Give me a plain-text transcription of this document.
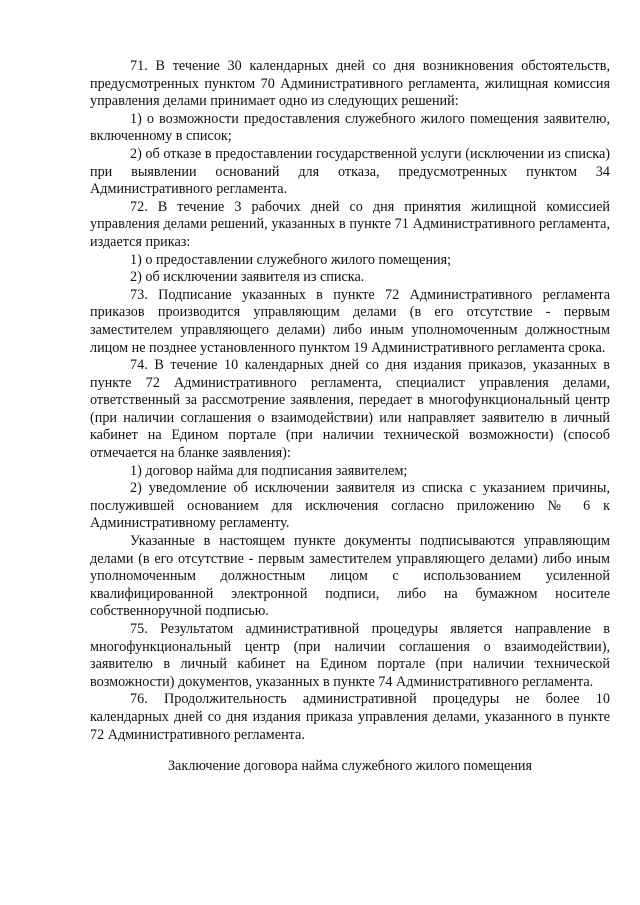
71. В течение 30 календарных дней со дня возникновения обстоятельств, предусмотренных пунктом 70 Административного регламента, жилищная комиссия управления делами принимает одно из следующих решений:

1) о возможности предоставления служебного жилого помещения заявителю, включенному в список;

2) об отказе в предоставлении государственной услуги (исключении из списка) при выявлении оснований для отказа, предусмотренных пунктом 34 Административного регламента.

72. В течение 3 рабочих дней со дня принятия жилищной комиссией управления делами решений, указанных в пункте 71 Административного регламента, издается приказ:

1) о предоставлении служебного жилого помещения;

2) об исключении заявителя из списка.

73. Подписание указанных в пункте 72 Административного регламента приказов производится управляющим делами (в его отсутствие - первым заместителем управляющего делами) либо иным уполномоченным должностным лицом не позднее установленного пунктом 19 Административного регламента срока.

74. В течение 10 календарных дней со дня издания приказов, указанных в пункте 72 Административного регламента, специалист управления делами, ответственный за рассмотрение заявления, передает в многофункциональный центр (при наличии соглашения о взаимодействии) или направляет заявителю в личный кабинет на Едином портале (при наличии технической возможности) (способ отмечается на бланке заявления):

1) договор найма для подписания заявителем;

2) уведомление об исключении заявителя из списка с указанием причины, послужившей основанием для исключения согласно приложению № 6 к Административному регламенту.

Указанные в настоящем пункте документы подписываются управляющим делами (в его отсутствие - первым заместителем управляющего делами) либо иным уполномоченным должностным лицом с использованием усиленной квалифицированной электронной подписи, либо на бумажном носителе собственноручной подписью.

75. Результатом административной процедуры является направление в многофункциональный центр (при наличии соглашения о взаимодействии), заявителю в личный кабинет на Едином портале (при наличии технической возможности) документов, указанных в пункте 74 Административного регламента.

76. Продолжительность административной процедуры не более 10 календарных дней со дня издания приказа управления делами, указанного в пункте 72 Административного регламента.

Заключение договора найма служебного жилого помещения
